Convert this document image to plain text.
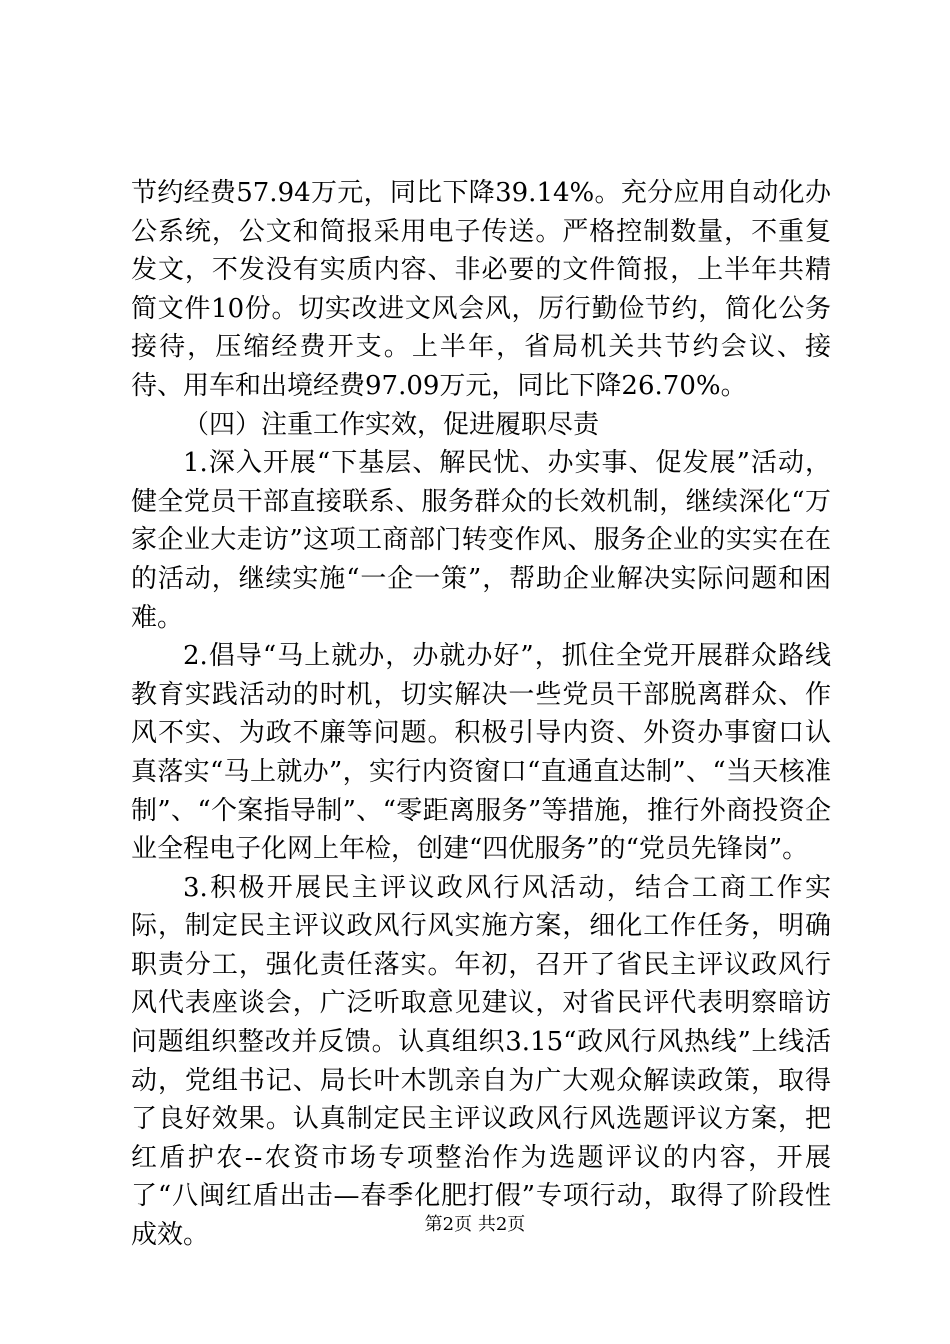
节约经费57.94万元，同比下降39.14%。充分应用自动化办公系统，公文和简报采用电子传送。严格控制数量，不重复发文，不发没有实质内容、非必要的文件简报，上半年共精简文件10份。切实改进文风会风，厉行勤俭节约，简化公务接待，压缩经费开支。上半年，省局机关共节约会议、接待、用车和出境经费97.09万元，同比下降26.70%。

（四）注重工作实效，促进履职尽责

1.深入开展“下基层、解民忧、办实事、促发展”活动，健全党员干部直接联系、服务群众的长效机制，继续深化“万家企业大走访”这项工商部门转变作风、服务企业的实实在在的活动，继续实施“一企一策”，帮助企业解决实际问题和困难。

2.倡导“马上就办，办就办好”，抓住全党开展群众路线教育实践活动的时机，切实解决一些党员干部脱离群众、作风不实、为政不廉等问题。积极引导内资、外资办事窗口认真落实“马上就办”，实行内资窗口“直通直达制”、“当天核准制”、“个案指导制”、“零距离服务”等措施，推行外商投资企业全程电子化网上年检，创建“四优服务”的“党员先锋岗”。

3.积极开展民主评议政风行风活动，结合工商工作实际，制定民主评议政风行风实施方案，细化工作任务，明确职责分工，强化责任落实。年初，召开了省民主评议政风行风代表座谈会，广泛听取意见建议，对省民评代表明察暗访问题组织整改并反馈。认真组织3.15“政风行风热线”上线活动，党组书记、局长叶木凯亲自为广大观众解读政策，取得了良好效果。认真制定民主评议政风行风选题评议方案，把红盾护农--农资市场专项整治作为选题评议的内容，开展了“八闽红盾出击—春季化肥打假”专项行动，取得了阶段性成效。	第2页 共2页
